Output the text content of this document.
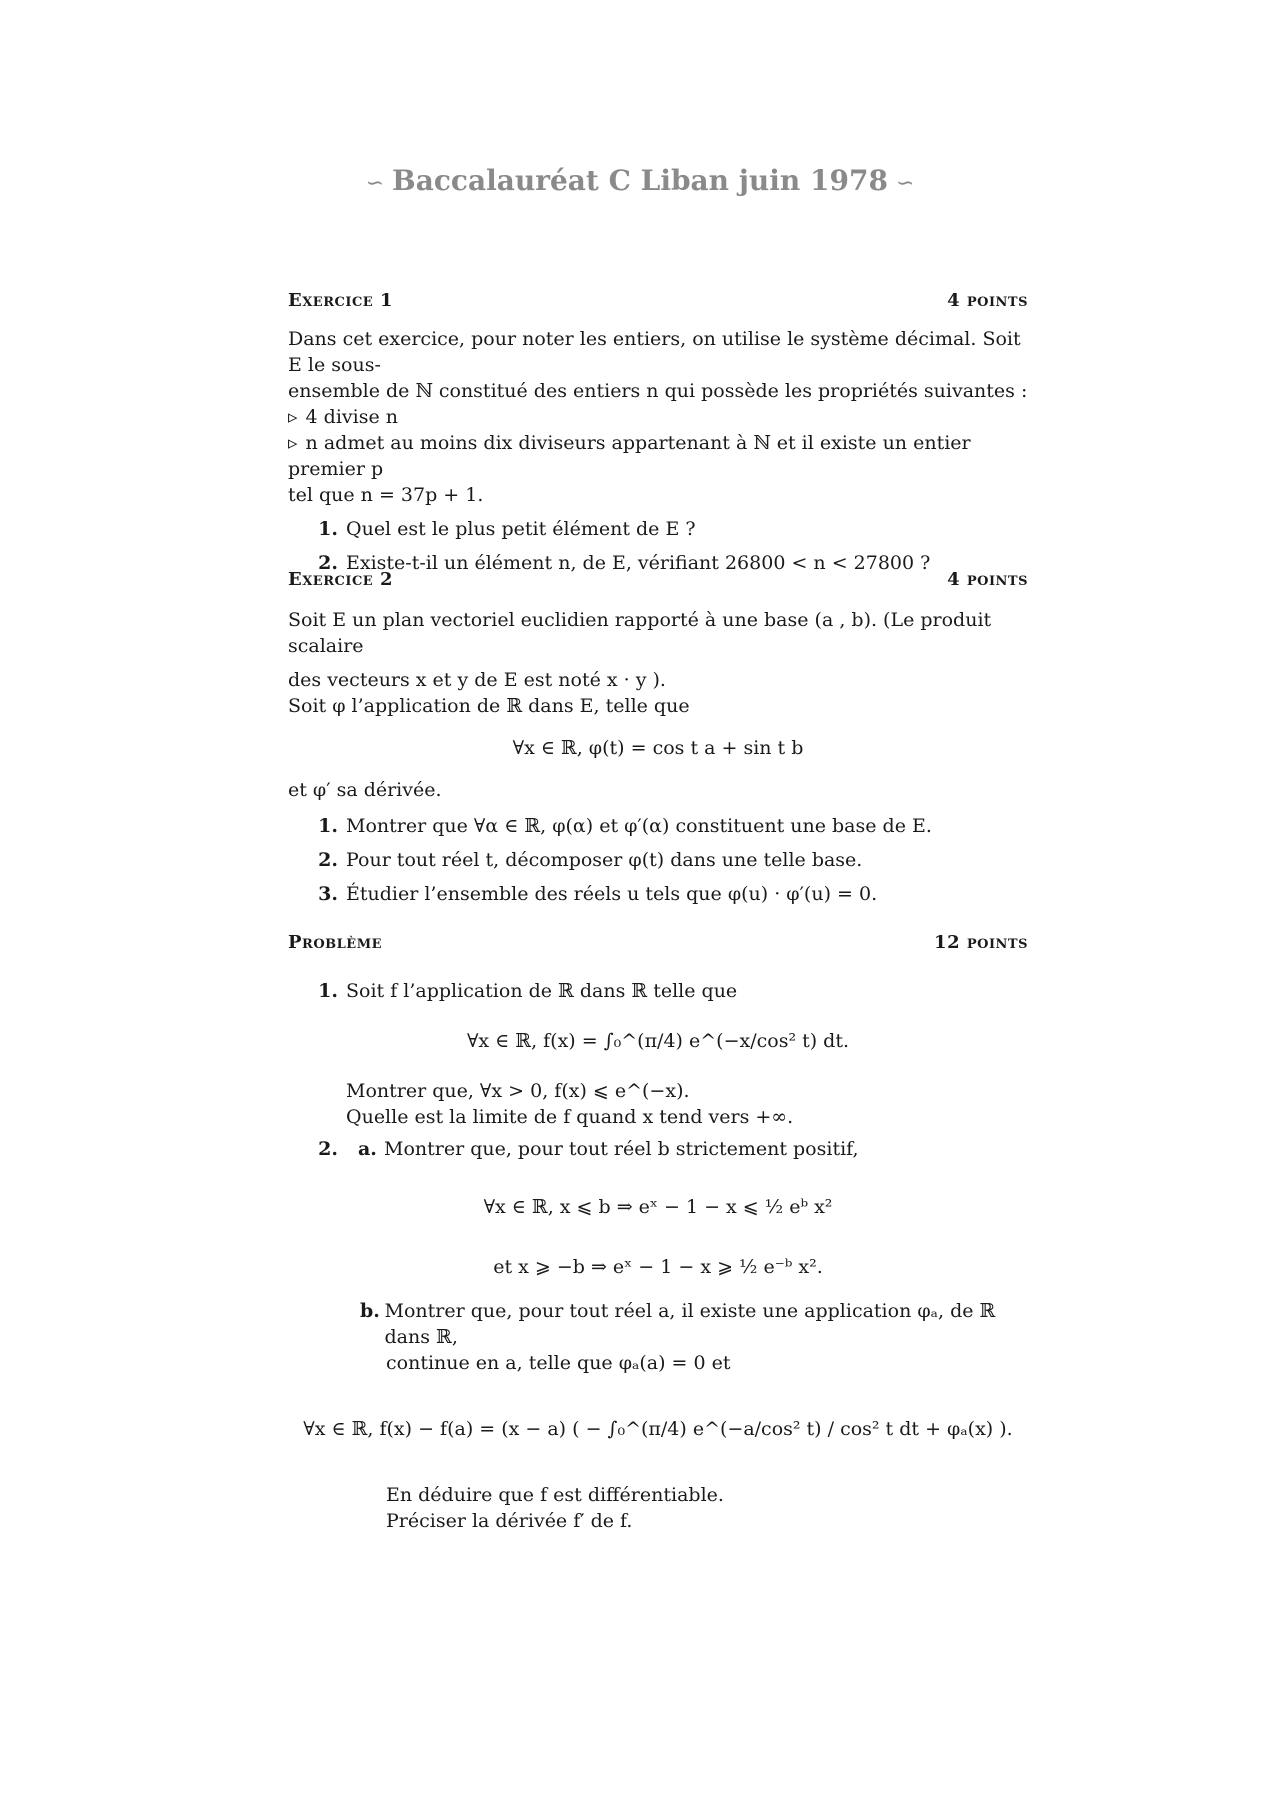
∽ Baccalauréat C Liban juin 1978 ∽
Exercice 1	4 points
Dans cet exercice, pour noter les entiers, on utilise le système décimal. Soit E le sous-
ensemble de ℕ constitué des entiers n qui possède les propriétés suivantes :
▹ 4 divise n
▹ n admet au moins dix diviseurs appartenant à ℕ et il existe un entier premier p
tel que n = 37p + 1.
1. Quel est le plus petit élément de E ?
2. Existe-t-il un élément n, de E, vérifiant 26800 < n < 27800 ?
Exercice 2	4 points
Soit E un plan vectoriel euclidien rapporté à une base (a , b). (Le produit scalaire
des vecteurs x et y de E est noté x · y ).
Soit φ l’application de ℝ dans E, telle que
∀x ∈ ℝ, φ(t) = cos t a + sin t b
et φ′ sa dérivée.
1. Montrer que ∀α ∈ ℝ, φ(α) et φ′(α) constituent une base de E.
2. Pour tout réel t, décomposer φ(t) dans une telle base.
3. Étudier l’ensemble des réels u tels que φ(u) · φ′(u) = 0.
Problème	12 points
1. Soit f l’application de ℝ dans ℝ telle que
∀x ∈ ℝ, f(x) = ∫₀^(π/4) e^(−x/cos² t) dt.
Montrer que, ∀x > 0, f(x) ⩽ e^(−x).
Quelle est la limite de f quand x tend vers +∞.
2. a. Montrer que, pour tout réel b strictement positif,
∀x ∈ ℝ, x ⩽ b ⇒ eˣ − 1 − x ⩽ ½ eᵇ x²
et x ⩾ −b ⇒ eˣ − 1 − x ⩾ ½ e⁻ᵇ x².
b. Montrer que, pour tout réel a, il existe une application φₐ, de ℝ dans ℝ,
continue en a, telle que φₐ(a) = 0 et
∀x ∈ ℝ, f(x) − f(a) = (x − a) ( − ∫₀^(π/4) e^(−a/cos² t) / cos² t dt + φₐ(x) ).
En déduire que f est différentiable.
Préciser la dérivée f′ de f.
